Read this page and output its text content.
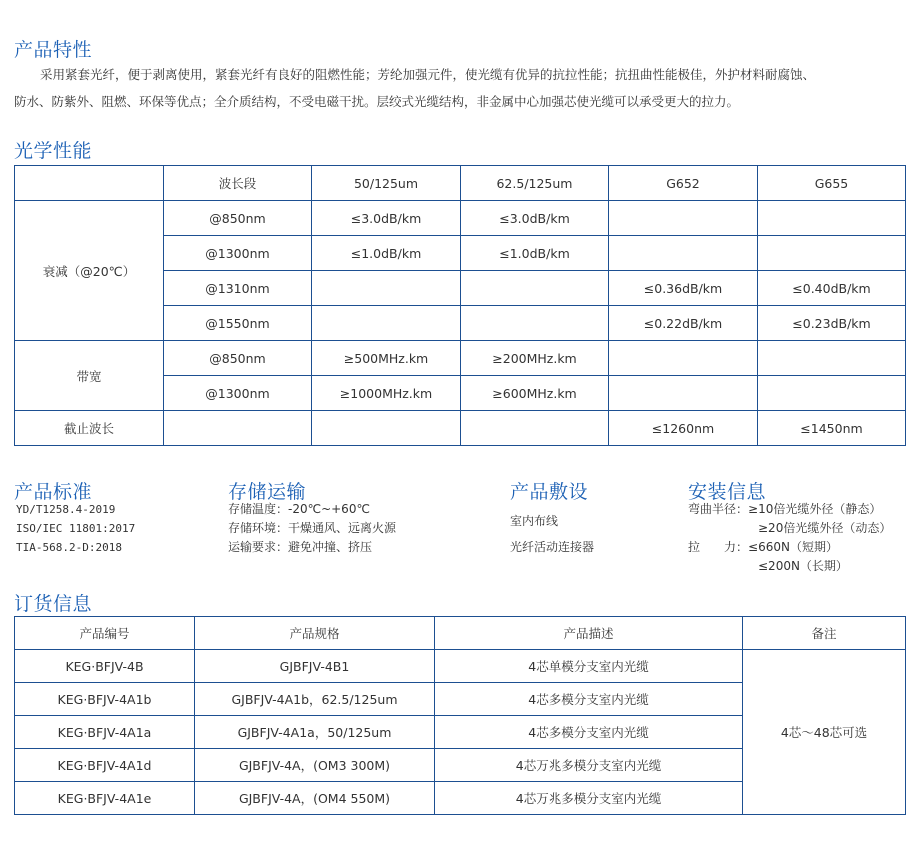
产品特性
采用紧套光纤，便于剥离使用，紧套光纤有良好的阻燃性能；芳纶加强元件，使光缆有优异的抗拉性能；抗扭曲性能极佳，外护材料耐腐蚀、
防水、防紫外、阻燃、环保等优点；全介质结构，不受电磁干扰。层绞式光缆结构，非金属中心加强芯使光缆可以承受更大的拉力。
光学性能
	波长段	50/125um	62.5/125um	G652	G655
衰减（@20℃）	@850nm	≤3.0dB/km	≤3.0dB/km		
	@1300nm	≤1.0dB/km	≤1.0dB/km		
	@1310nm			≤0.36dB/km	≤0.40dB/km
	@1550nm			≤0.22dB/km	≤0.23dB/km
带宽	@850nm	≥500MHz.km	≥200MHz.km		
	@1300nm	≥1000MHz.km	≥600MHz.km		
截止波长				≤1260nm	≤1450nm
产品标准
YD/T1258.4-2019
ISO/IEC 11801:2017
TIA-568.2-D:2018
存储运输
存储温度：-20℃~+60℃
存储环境：干燥通风、远离火源
运输要求：避免冲撞、挤压
产品敷设
室内布线
光纤活动连接器
安装信息
弯曲半径：≥10倍光缆外径（静态）
≥20倍光缆外径（动态）
拉　　力：≤660N（短期）
≤200N（长期）
订货信息
产品编号	产品规格	产品描述	备注
KEG·BFJV-4B	GJBFJV-4B1	4芯单模分支室内光缆	4芯～48芯可选
KEG·BFJV-4A1b	GJBFJV-4A1b，62.5/125um	4芯多模分支室内光缆	
KEG·BFJV-4A1a	GJBFJV-4A1a，50/125um	4芯多模分支室内光缆	
KEG·BFJV-4A1d	GJBFJV-4A，(OM3 300M)	4芯万兆多模分支室内光缆	
KEG·BFJV-4A1e	GJBFJV-4A，(OM4 550M)	4芯万兆多模分支室内光缆	
